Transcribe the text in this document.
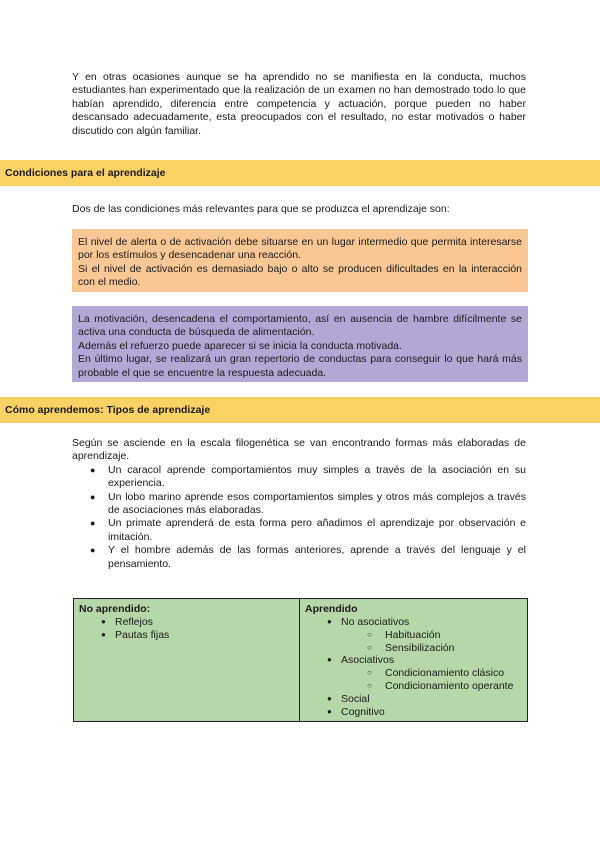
Y en otras ocasiones aunque se ha aprendido no se manifiesta en la conducta, muchos estudiantes han experimentado que la realización de un examen no han demostrado todo lo que habían aprendido, diferencia entre competencia y actuación, porque pueden no haber descansado adecuadamente, esta preocupados con el resultado, no estar motivados o haber discutido con algún familiar.
Condiciones para el aprendizaje
Dos de las condiciones más relevantes para que se produzca el aprendizaje son:

El nivel de alerta o de activación debe situarse en un lugar intermedio que permita interesarse por los estímulos y desencadenar una reacción.

Si el nivel de activación es demasiado bajo o alto se producen dificultades en la interacción con el medio.

La motivación, desencadena el comportamiento, así en ausencia de hambre difícilmente se activa una conducta de búsqueda de alimentación.

Además el refuerzo puede aparecer si se inicia la conducta motivada.

En último lugar, se realizará un gran repertorio de conductas para conseguir lo que hará más probable el que se encuentre la respuesta adecuada.

Cómo aprendemos: Tipos de aprendizaje
Según se asciende en la escala filogenética se van encontrando formas más elaboradas de aprendizaje.
● Un caracol aprende comportamientos muy simples a través de la asociación en su experiencia.
● Un lobo marino aprende esos comportamientos simples y otros más complejos a través de asociaciones más elaboradas.
● Un primate aprenderá de esta forma pero añadimos el aprendizaje por observación e imitación.
● Y el hombre además de las formas anteriores, aprende a través del lenguaje y el pensamiento.
No aprendido:
● Reflejos
● Pautas fijas
Aprendido
● No asociativos
○ Habituación
○ Sensibilización
● Asociativos
○ Condicionamiento clásico
○ Condicionamiento operante
● Social
● Cognitivo
